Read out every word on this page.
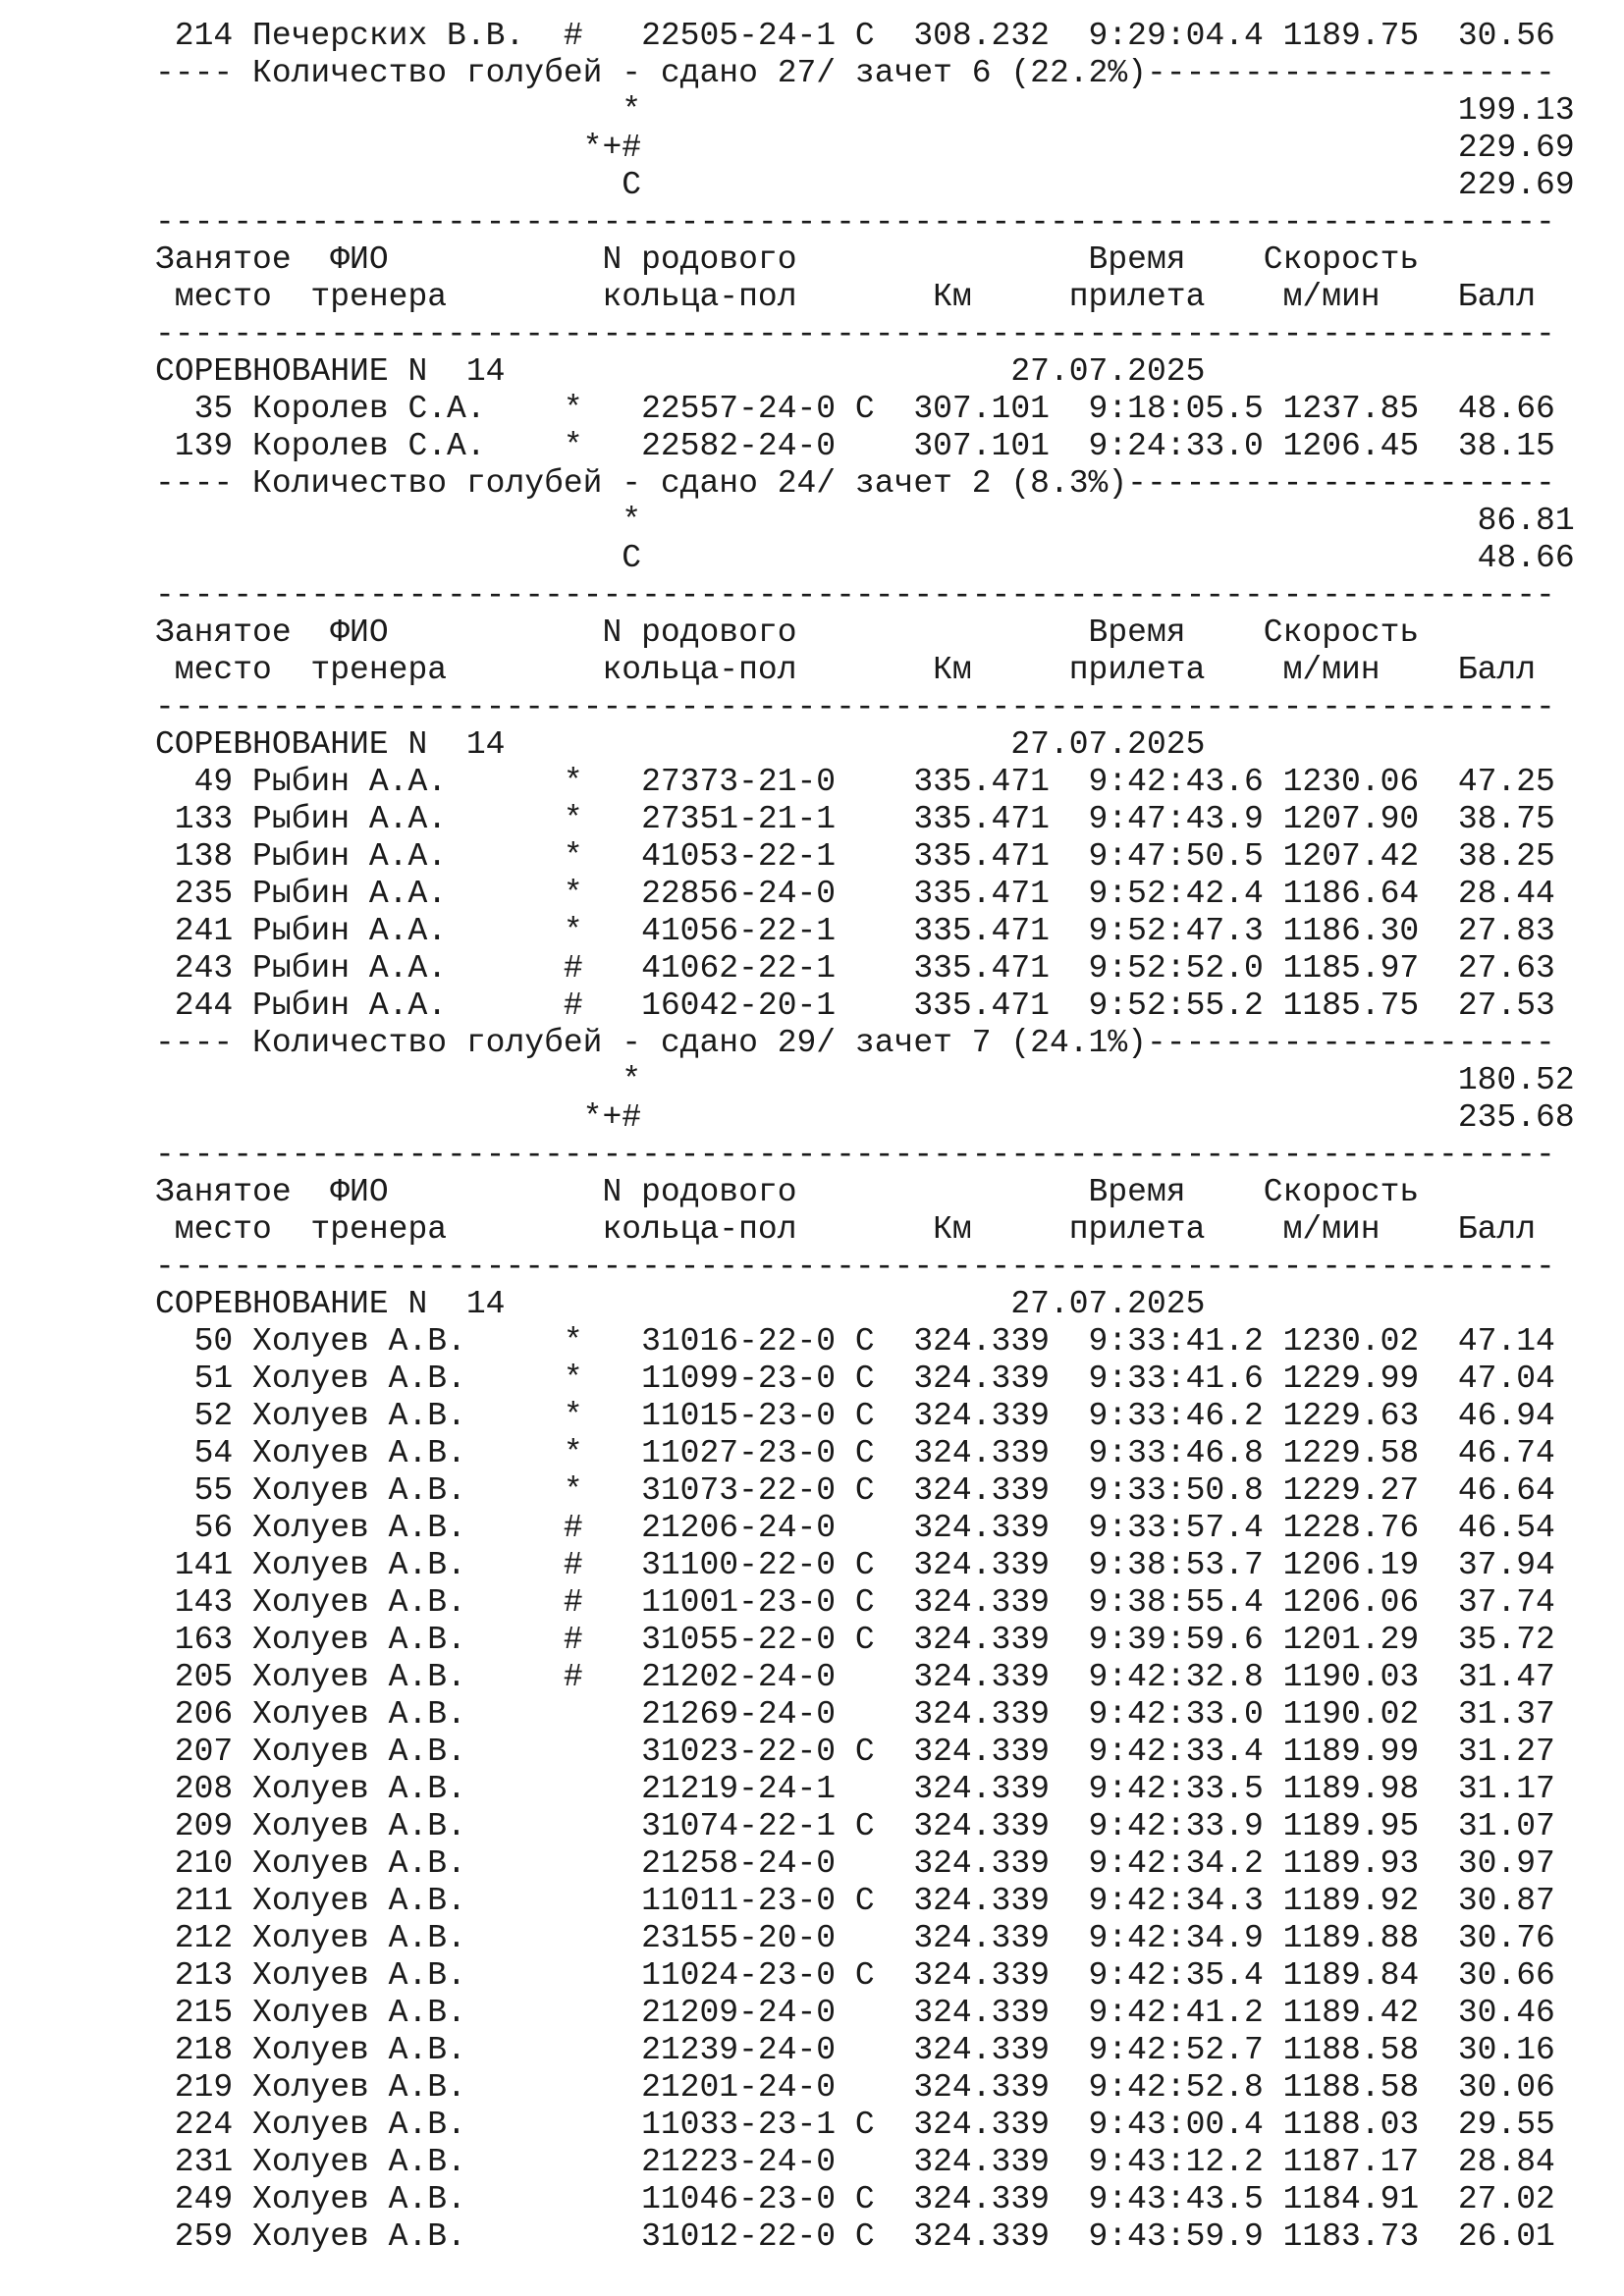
214 Печерских В.В.  #   22505-24-1 С  308.232  9:29:04.4 1189.75  30.56
---- Количество голубей - сдано 27/ зачет 6 (22.2%)---------------------
*                                          199.13
*+#                                          229.69
С                                          229.69
------------------------------------------------------------------------
Занятое  ФИО           N родового               Время    Скорость
место  тренера        кольца-пол       Км     прилета    м/мин    Балл
------------------------------------------------------------------------
СОРЕВНОВАНИЕ N  14                          27.07.2025
35 Королев С.А.    *   22557-24-0 С  307.101  9:18:05.5 1237.85  48.66
139 Королев С.А.    *   22582-24-0    307.101  9:24:33.0 1206.45  38.15
---- Количество голубей - сдано 24/ зачет 2 (8.3%)----------------------
*                                           86.81
С                                           48.66
------------------------------------------------------------------------
Занятое  ФИО           N родового               Время    Скорость
место  тренера        кольца-пол       Км     прилета    м/мин    Балл
------------------------------------------------------------------------
СОРЕВНОВАНИЕ N  14                          27.07.2025
49 Рыбин А.А.      *   27373-21-0    335.471  9:42:43.6 1230.06  47.25
133 Рыбин А.А.      *   27351-21-1    335.471  9:47:43.9 1207.90  38.75
138 Рыбин А.А.      *   41053-22-1    335.471  9:47:50.5 1207.42  38.25
235 Рыбин А.А.      *   22856-24-0    335.471  9:52:42.4 1186.64  28.44
241 Рыбин А.А.      *   41056-22-1    335.471  9:52:47.3 1186.30  27.83
243 Рыбин А.А.      #   41062-22-1    335.471  9:52:52.0 1185.97  27.63
244 Рыбин А.А.      #   16042-20-1    335.471  9:52:55.2 1185.75  27.53
---- Количество голубей - сдано 29/ зачет 7 (24.1%)---------------------
*                                          180.52
*+#                                          235.68
------------------------------------------------------------------------
Занятое  ФИО           N родового               Время    Скорость
место  тренера        кольца-пол       Км     прилета    м/мин    Балл
------------------------------------------------------------------------
СОРЕВНОВАНИЕ N  14                          27.07.2025
50 Холуев А.В.     *   31016-22-0 С  324.339  9:33:41.2 1230.02  47.14
51 Холуев А.В.     *   11099-23-0 С  324.339  9:33:41.6 1229.99  47.04
52 Холуев А.В.     *   11015-23-0 С  324.339  9:33:46.2 1229.63  46.94
54 Холуев А.В.     *   11027-23-0 С  324.339  9:33:46.8 1229.58  46.74
55 Холуев А.В.     *   31073-22-0 С  324.339  9:33:50.8 1229.27  46.64
56 Холуев А.В.     #   21206-24-0    324.339  9:33:57.4 1228.76  46.54
141 Холуев А.В.     #   31100-22-0 С  324.339  9:38:53.7 1206.19  37.94
143 Холуев А.В.     #   11001-23-0 С  324.339  9:38:55.4 1206.06  37.74
163 Холуев А.В.     #   31055-22-0 С  324.339  9:39:59.6 1201.29  35.72
205 Холуев А.В.     #   21202-24-0    324.339  9:42:32.8 1190.03  31.47
206 Холуев А.В.         21269-24-0    324.339  9:42:33.0 1190.02  31.37
207 Холуев А.В.         31023-22-0 С  324.339  9:42:33.4 1189.99  31.27
208 Холуев А.В.         21219-24-1    324.339  9:42:33.5 1189.98  31.17
209 Холуев А.В.         31074-22-1 С  324.339  9:42:33.9 1189.95  31.07
210 Холуев А.В.         21258-24-0    324.339  9:42:34.2 1189.93  30.97
211 Холуев А.В.         11011-23-0 С  324.339  9:42:34.3 1189.92  30.87
212 Холуев А.В.         23155-20-0    324.339  9:42:34.9 1189.88  30.76
213 Холуев А.В.         11024-23-0 С  324.339  9:42:35.4 1189.84  30.66
215 Холуев А.В.         21209-24-0    324.339  9:42:41.2 1189.42  30.46
218 Холуев А.В.         21239-24-0    324.339  9:42:52.7 1188.58  30.16
219 Холуев А.В.         21201-24-0    324.339  9:42:52.8 1188.58  30.06
224 Холуев А.В.         11033-23-1 С  324.339  9:43:00.4 1188.03  29.55
231 Холуев А.В.         21223-24-0    324.339  9:43:12.2 1187.17  28.84
249 Холуев А.В.         11046-23-0 С  324.339  9:43:43.5 1184.91  27.02
259 Холуев А.В.         31012-22-0 С  324.339  9:43:59.9 1183.73  26.01
